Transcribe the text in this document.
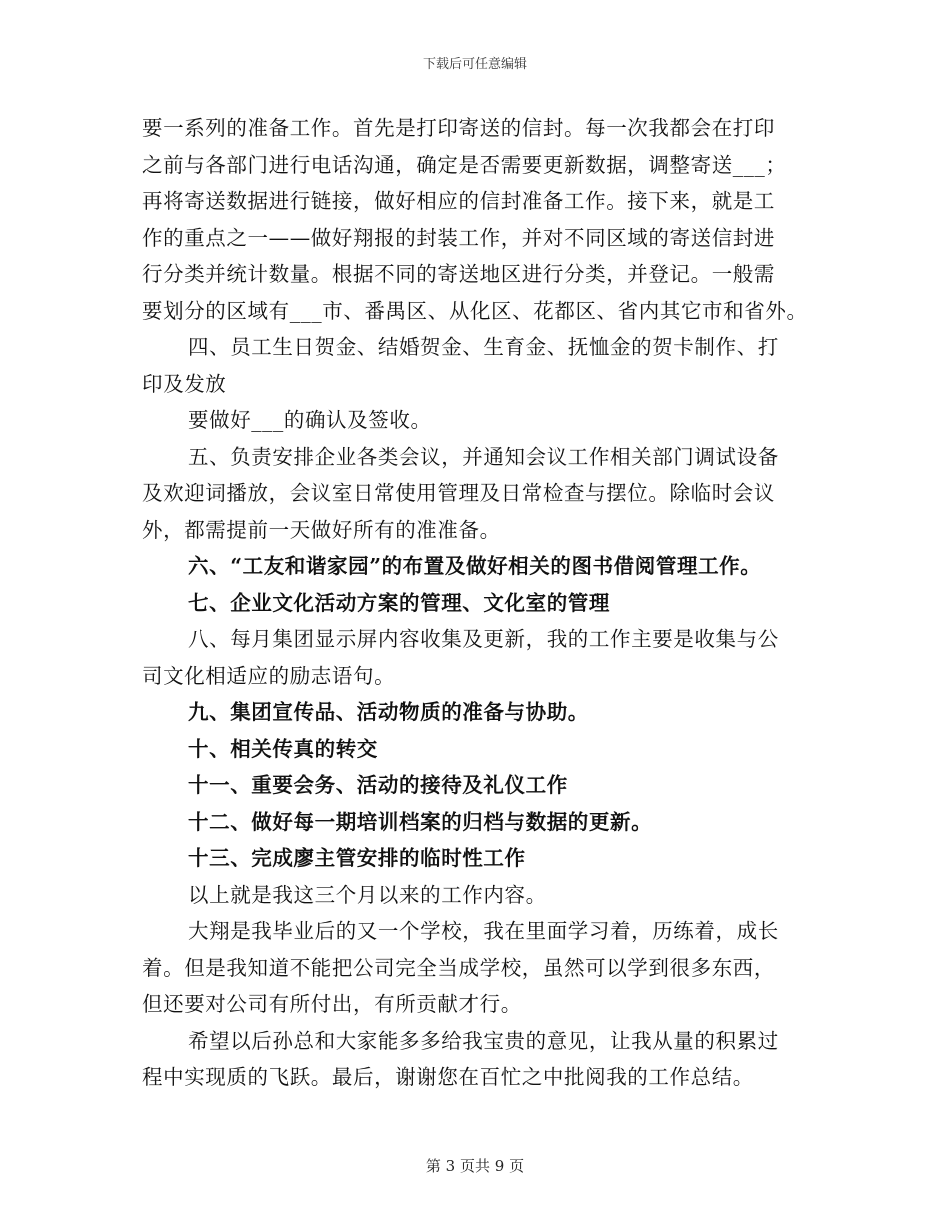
下载后可任意编辑

要一系列的准备工作。首先是打印寄送的信封。每一次我都会在打印

之前与各部门进行电话沟通，确定是否需要更新数据，调整寄送___；

再将寄送数据进行链接，做好相应的信封准备工作。接下来，就是工

作的重点之一——做好翔报的封装工作，并对不同区域的寄送信封进

行分类并统计数量。根据不同的寄送地区进行分类，并登记。一般需

要划分的区域有___市、番禺区、从化区、花都区、省内其它市和省外。

四、员工生日贺金、结婚贺金、生育金、抚恤金的贺卡制作、打

印及发放

要做好___的确认及签收。

五、负责安排企业各类会议，并通知会议工作相关部门调试设备

及欢迎词播放，会议室日常使用管理及日常检查与摆位。除临时会议

外，都需提前一天做好所有的准准备。

六、“工友和谐家园”的布置及做好相关的图书借阅管理工作。

七、企业文化活动方案的管理、文化室的管理

八、每月集团显示屏内容收集及更新，我的工作主要是收集与公

司文化相适应的励志语句。

九、集团宣传品、活动物质的准备与协助。

十、相关传真的转交

十一、重要会务、活动的接待及礼仪工作

十二、做好每一期培训档案的归档与数据的更新。

十三、完成廖主管安排的临时性工作

以上就是我这三个月以来的工作内容。

大翔是我毕业后的又一个学校，我在里面学习着，历练着，成长

着。但是我知道不能把公司完全当成学校，虽然可以学到很多东西，

但还要对公司有所付出，有所贡献才行。

希望以后孙总和大家能多多给我宝贵的意见，让我从量的积累过

程中实现质的飞跃。最后，谢谢您在百忙之中批阅我的工作总结。

第 3 页共 9 页
